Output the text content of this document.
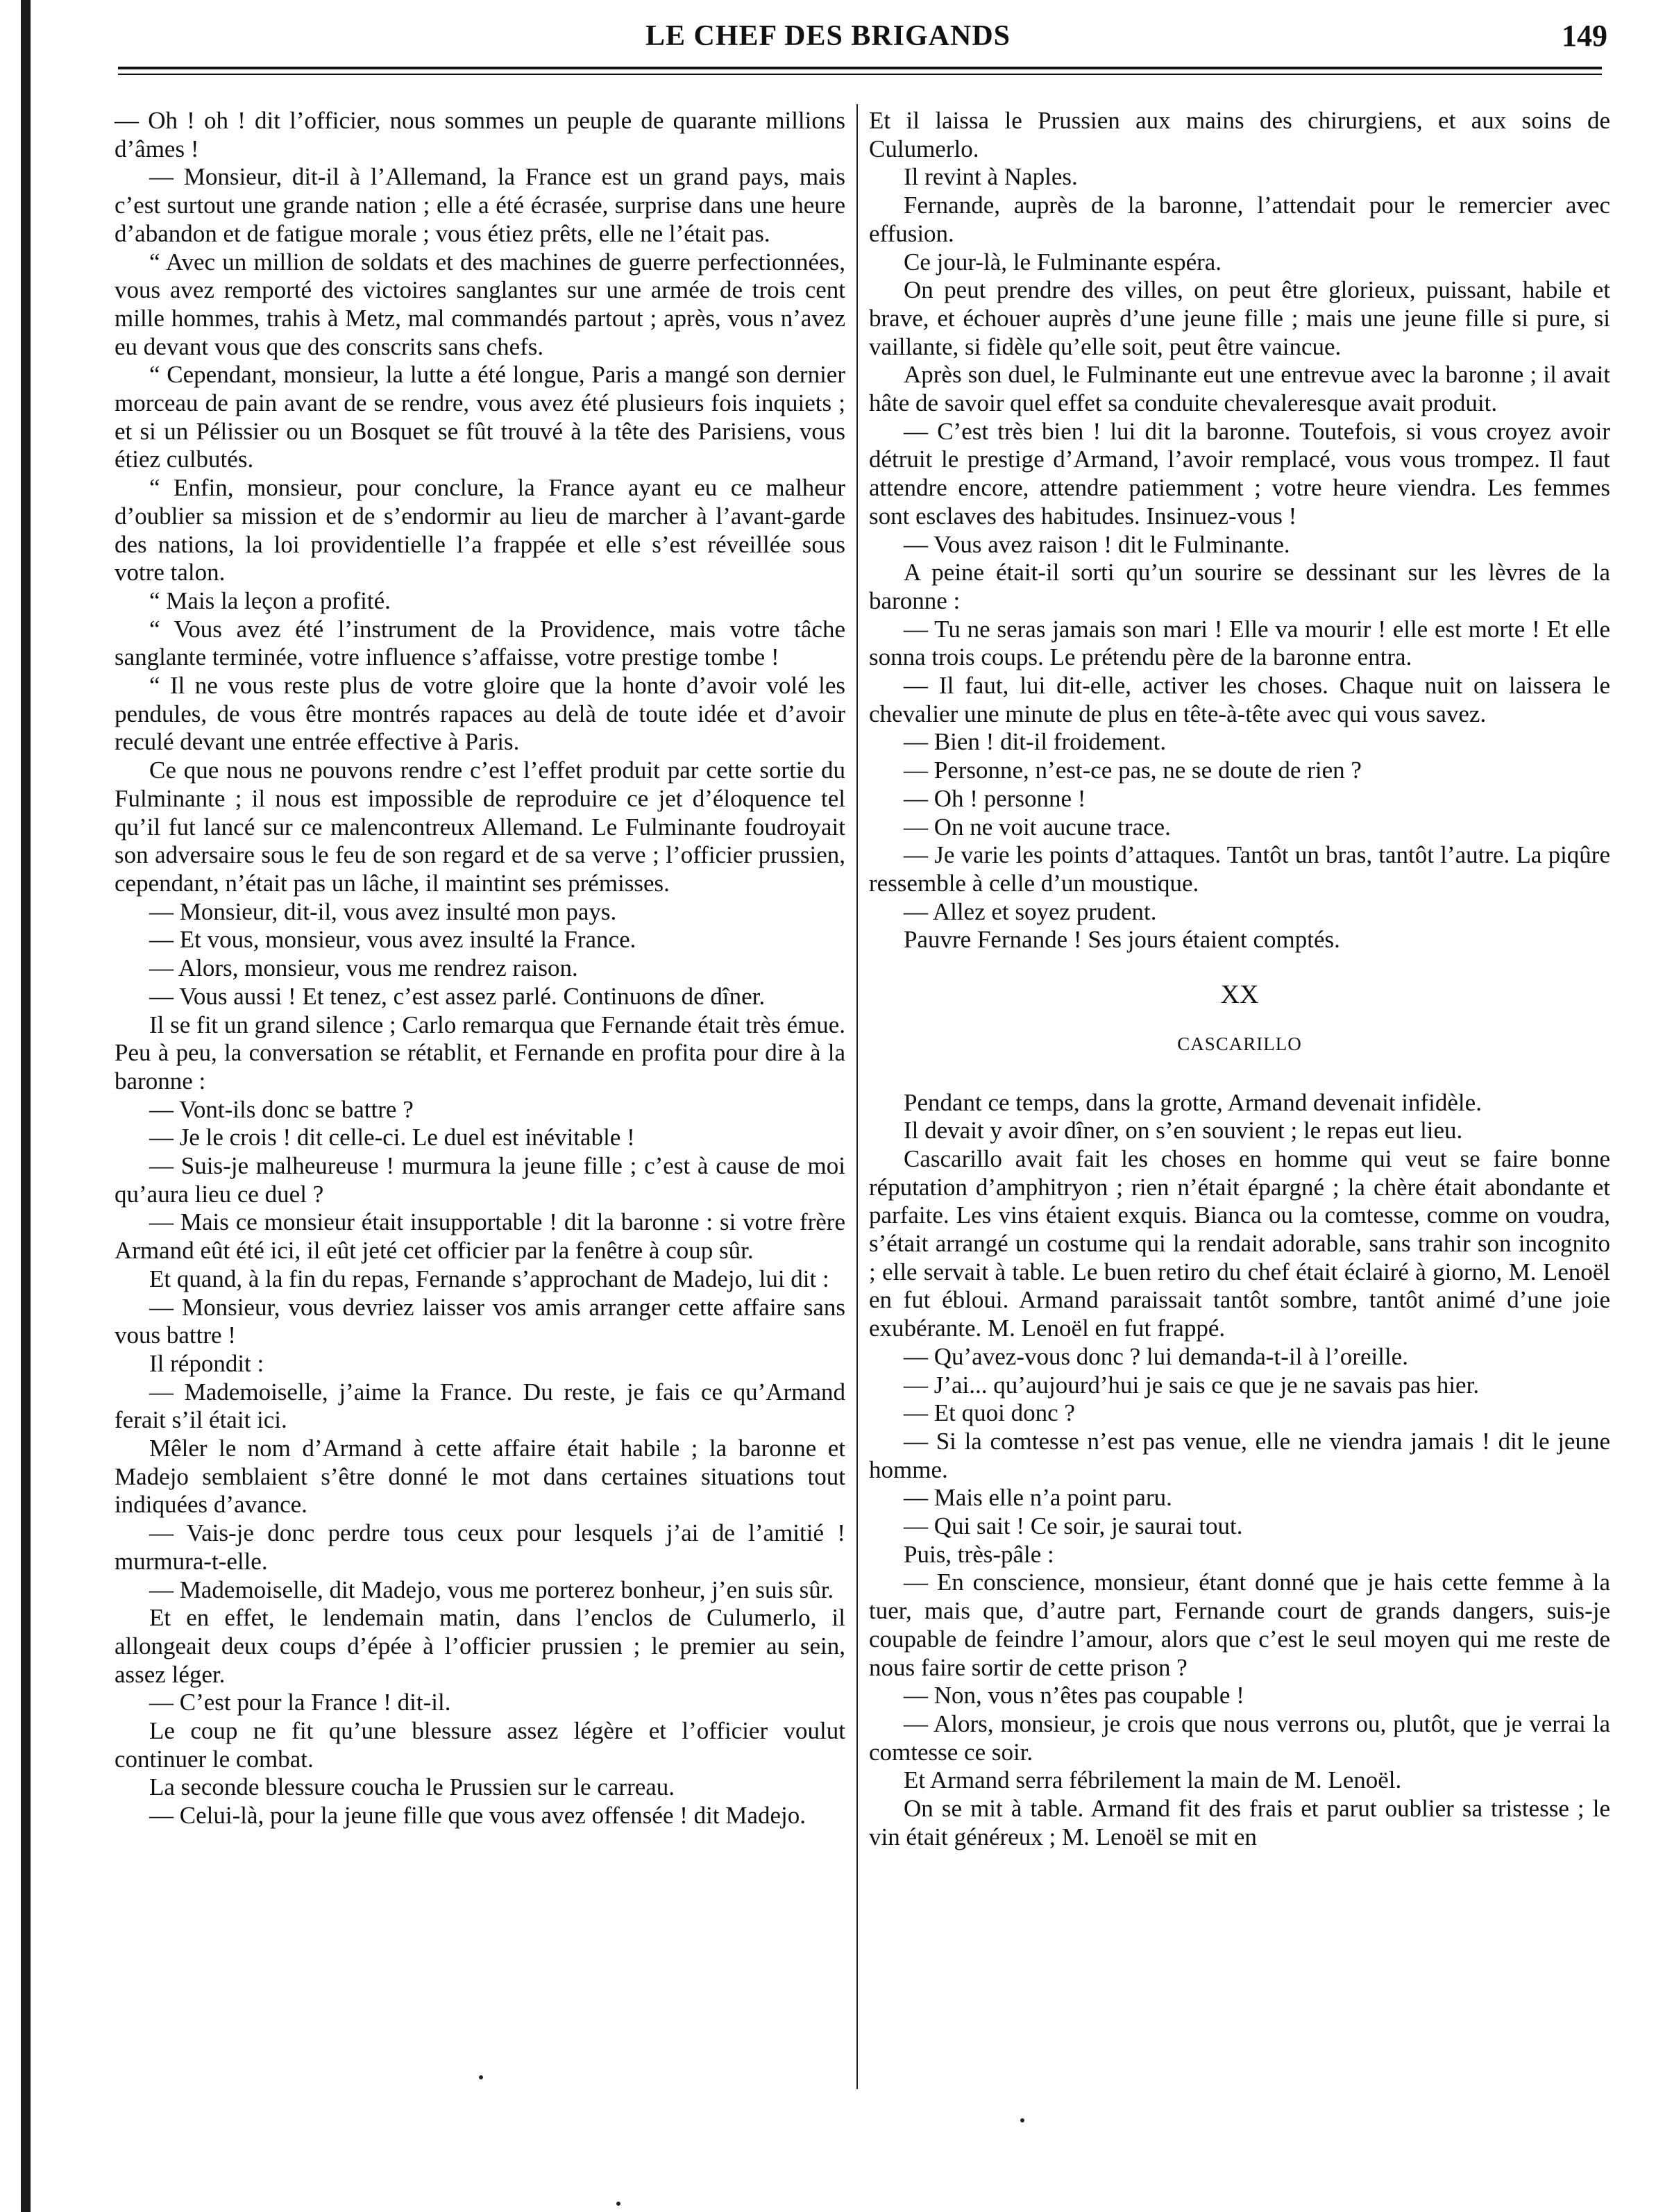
LE CHEF DES BRIGANDS	149

— Oh ! oh ! dit l’officier, nous sommes un peuple de quarante millions d’âmes !

— Monsieur, dit-il à l’Allemand, la France est un grand pays, mais c’est surtout une grande nation ; elle a été écrasée, surprise dans une heure d’abandon et de fatigue morale ; vous étiez prêts, elle ne l’était pas.

“ Avec un million de soldats et des machines de guerre perfectionnées, vous avez remporté des victoires sanglantes sur une armée de trois cent mille hommes, trahis à Metz, mal commandés partout ; après, vous n’avez eu devant vous que des conscrits sans chefs.

“ Cependant, monsieur, la lutte a été longue, Paris a mangé son dernier morceau de pain avant de se rendre, vous avez été plusieurs fois inquiets ; et si un Pélissier ou un Bosquet se fût trouvé à la tête des Parisiens, vous étiez culbutés.

“ Enfin, monsieur, pour conclure, la France ayant eu ce malheur d’oublier sa mission et de s’endormir au lieu de marcher à l’avant-garde des nations, la loi providentielle l’a frappée et elle s’est réveillée sous votre talon.

“ Mais la leçon a profité.

“ Vous avez été l’instrument de la Providence, mais votre tâche sanglante terminée, votre influence s’affaisse, votre prestige tombe !

“ Il ne vous reste plus de votre gloire que la honte d’avoir volé les pendules, de vous être montrés rapaces au delà de toute idée et d’avoir reculé devant une entrée effective à Paris.

Ce que nous ne pouvons rendre c’est l’effet produit par cette sortie du Fulminante ; il nous est impossible de reproduire ce jet d’éloquence tel qu’il fut lancé sur ce malencontreux Allemand. Le Fulminante foudroyait son adversaire sous le feu de son regard et de sa verve ; l’officier prussien, cependant, n’était pas un lâche, il maintint ses prémisses.

— Monsieur, dit-il, vous avez insulté mon pays.

— Et vous, monsieur, vous avez insulté la France.

— Alors, monsieur, vous me rendrez raison.

— Vous aussi ! Et tenez, c’est assez parlé. Continuons de dîner.

Il se fit un grand silence ; Carlo remarqua que Fernande était très émue. Peu à peu, la conversation se rétablit, et Fernande en profita pour dire à la baronne :

— Vont-ils donc se battre ?

— Je le crois ! dit celle-ci. Le duel est inévitable !

— Suis-je malheureuse ! murmura la jeune fille ; c’est à cause de moi qu’aura lieu ce duel ?

— Mais ce monsieur était insupportable ! dit la baronne : si votre frère Armand eût été ici, il eût jeté cet officier par la fenêtre à coup sûr.

Et quand, à la fin du repas, Fernande s’approchant de Madejo, lui dit :

— Monsieur, vous devriez laisser vos amis arranger cette affaire sans vous battre !

Il répondit :

— Mademoiselle, j’aime la France. Du reste, je fais ce qu’Armand ferait s’il était ici.

Mêler le nom d’Armand à cette affaire était habile ; la baronne et Madejo semblaient s’être donné le mot dans certaines situations tout indiquées d’avance.

— Vais-je donc perdre tous ceux pour lesquels j’ai de l’amitié ! murmura-t-elle.

— Mademoiselle, dit Madejo, vous me porterez bonheur, j’en suis sûr.

Et en effet, le lendemain matin, dans l’enclos de Culumerlo, il allongeait deux coups d’épée à l’officier prussien ; le premier au sein, assez léger.

— C’est pour la France ! dit-il.

Le coup ne fit qu’une blessure assez légère et l’officier voulut continuer le combat.

La seconde blessure coucha le Prussien sur le carreau.

— Celui-là, pour la jeune fille que vous avez offensée ! dit Madejo.

Et il laissa le Prussien aux mains des chirurgiens, et aux soins de Culumerlo.

Il revint à Naples.

Fernande, auprès de la baronne, l’attendait pour le remercier avec effusion.

Ce jour-là, le Fulminante espéra.

On peut prendre des villes, on peut être glorieux, puissant, habile et brave, et échouer auprès d’une jeune fille ; mais une jeune fille si pure, si vaillante, si fidèle qu’elle soit, peut être vaincue.

Après son duel, le Fulminante eut une entrevue avec la baronne ; il avait hâte de savoir quel effet sa conduite chevaleresque avait produit.

— C’est très bien ! lui dit la baronne. Toutefois, si vous croyez avoir détruit le prestige d’Armand, l’avoir remplacé, vous vous trompez. Il faut attendre encore, attendre patiemment ; votre heure viendra. Les femmes sont esclaves des habitudes. Insinuez-vous !

— Vous avez raison ! dit le Fulminante.

A peine était-il sorti qu’un sourire se dessinant sur les lèvres de la baronne :

— Tu ne seras jamais son mari ! Elle va mourir ! elle est morte ! Et elle sonna trois coups. Le prétendu père de la baronne entra.

— Il faut, lui dit-elle, activer les choses. Chaque nuit on laissera le chevalier une minute de plus en tête-à-tête avec qui vous savez.

— Bien ! dit-il froidement.

— Personne, n’est-ce pas, ne se doute de rien ?

— Oh ! personne !

— On ne voit aucune trace.

— Je varie les points d’attaques. Tantôt un bras, tantôt l’autre. La piqûre ressemble à celle d’un moustique.

— Allez et soyez prudent.

Pauvre Fernande ! Ses jours étaient comptés.

XX
CASCARILLO

Pendant ce temps, dans la grotte, Armand devenait infidèle.

Il devait y avoir dîner, on s’en souvient ; le repas eut lieu.

Cascarillo avait fait les choses en homme qui veut se faire bonne réputation d’amphitryon ; rien n’était épargné ; la chère était abondante et parfaite. Les vins étaient exquis. Bianca ou la comtesse, comme on voudra, s’était arrangé un costume qui la rendait adorable, sans trahir son incognito ; elle servait à table. Le buen retiro du chef était éclairé à giorno, M. Lenoël en fut ébloui. Armand paraissait tantôt sombre, tantôt animé d’une joie exubérante. M. Lenoël en fut frappé.

— Qu’avez-vous donc ? lui demanda-t-il à l’oreille.

— J’ai... qu’aujourd’hui je sais ce que je ne savais pas hier.

— Et quoi donc ?

— Si la comtesse n’est pas venue, elle ne viendra jamais ! dit le jeune homme.

— Mais elle n’a point paru.

— Qui sait ! Ce soir, je saurai tout.

Puis, très-pâle :

— En conscience, monsieur, étant donné que je hais cette femme à la tuer, mais que, d’autre part, Fernande court de grands dangers, suis-je coupable de feindre l’amour, alors que c’est le seul moyen qui me reste de nous faire sortir de cette prison ?

— Non, vous n’êtes pas coupable !

— Alors, monsieur, je crois que nous verrons ou, plutôt, que je verrai la comtesse ce soir.

Et Armand serra fébrilement la main de M. Lenoël.

On se mit à table. Armand fit des frais et parut oublier sa tristesse ; le vin était généreux ; M. Lenoël se mit en
